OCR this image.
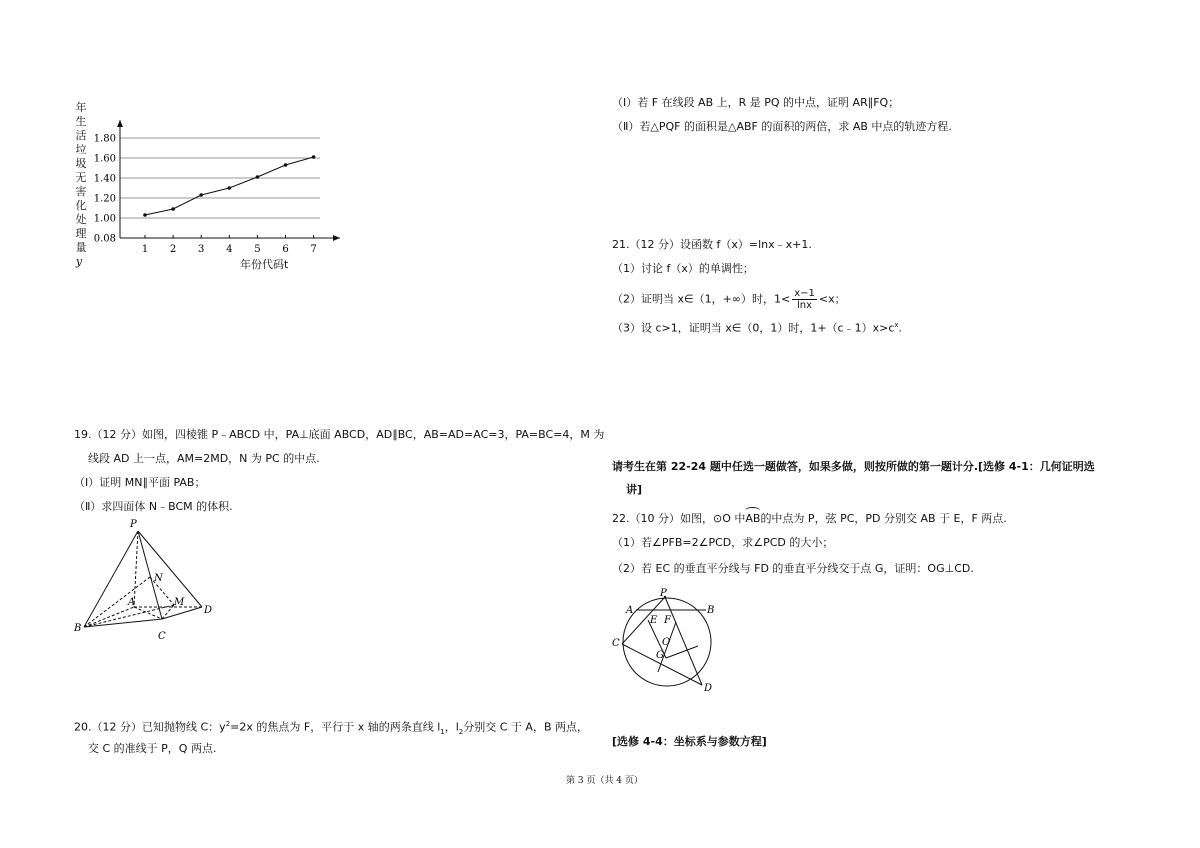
年
生
活
垃
圾
无
害
化
处
理
量
y
1.80
1.60
1.40
1.20
1.00
0.08
1 2 3 4 5 6 7
年份代码t
（Ⅰ）若 F 在线段 AB 上，R 是 PQ 的中点，证明 AR∥FQ；
（Ⅱ）若△PQF 的面积是△ABF 的面积的两倍，求 AB 中点的轨迹方程.
21.（12 分）设函数 f（x）=lnx﹣x+1.
（1）讨论 f（x）的单调性；
（2）证明当 x∈（1，+∞）时，$1< \frac{x-1}{\ln x} <x$；
（3）设 c>1，证明当 x∈（0，1）时，$1+(c﹣1)x>c^x$.
19.（12 分）如图，四棱锥 P﹣ABCD 中，PA⊥底面 ABCD，AD∥BC，AB=AD=AC=3，PA=BC=4，M 为
线段 AD 上一点，AM=2MD，N 为 PC 的中点.
（Ⅰ）证明 MN∥平面 PAB；
（Ⅱ）求四面体 N﹣BCM 的体积.
P
N
A	M
D
B
C
请考生在第 22-24 题中任选一题做答，如果多做，则按所做的第一题计分.[选修 4-1：几何证明选
讲]
22.（10 分）如图，⊙O 中
AB的中点为 P，弦 PC，PD 分别交 AB 于 E，F 两点.
（1）若∠PFB=2∠PCD，求∠PCD 的大小；
（2）若 EC 的垂直平分线与 FD 的垂直平分线交于点 G，证明：OG⊥CD.
P
A	B
E F
C	O
G
D
20.（12 分）已知抛物线 C：$y^2=2x$ 的焦点为 F，平行于 x 轴的两条直线 $l_1$，$l_2$分别交 C 于 A，B 两点，
交 C 的准线于 P，Q 两点.
[选修 4-4：坐标系与参数方程]
第 3 页（共 4 页）
